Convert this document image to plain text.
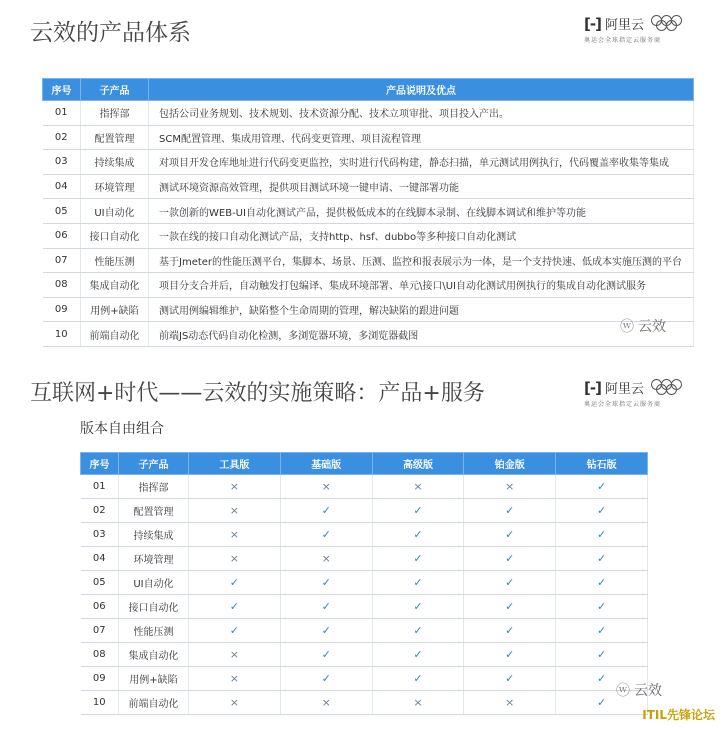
云效的产品体系	[-] 阿里云
奥运会全球指定云服务商
序号	子产品	产品说明及优点
01	指挥部	包括公司业务规划、技术规划、技术资源分配、技术立项审批、项目投入产出。
02	配置管理	SCM配置管理、集成用管理、代码变更管理、项目流程管理
03	持续集成	对项目开发仓库地址进行代码变更监控，实时进行代码构建，静态扫描，单元测试用例执行，代码覆盖率收集等集成
04	环境管理	测试环境资源高效管理，提供项目测试环境一键申请、一键部署功能
05	UI自动化	一款创新的WEB-UI自动化测试产品，提供极低成本的在线脚本录制、在线脚本调试和维护等功能
06	接口自动化	一款在线的接口自动化测试产品，支持http、hsf、dubbo等多种接口自动化测试
07	性能压测	基于Jmeter的性能压测平台，集脚本、场景、压测、监控和报表展示为一体，是一个支持快速、低成本实施压测的平台
08	集成自动化	项目分支合并后，自动触发打包编译、集成环境部署、单元\接口\UI自动化测试用例执行的集成自动化测试服务
09	用例+缺陷	测试用例编辑维护，缺陷整个生命周期的管理，解决缺陷的跟进问题
10	前端自动化	前端JS动态代码自动化检测，多浏览器环境，多浏览器截图
ⓦ 云效
互联网+时代——云效的实施策略：产品+服务	[-] 阿里云
奥运会全球指定云服务商
版本自由组合
序号	子产品	工具版	基础版	高级版	铂金版	钻石版
01	指挥部	×	×	×	×	✓
02	配置管理	×	✓	✓	✓	✓
03	持续集成	×	✓	✓	✓	✓
04	环境管理	×	×	✓	✓	✓
05	UI自动化	✓	✓	✓	✓	✓
06	接口自动化	✓	✓	✓	✓	✓
07	性能压测	✓	✓	✓	✓	✓
08	集成自动化	×	✓	✓	✓	✓
09	用例+缺陷	×	✓	✓	✓	✓
10	前端自动化	×	×	×	×	✓
ⓦ 云效
ITIL先锋论坛
